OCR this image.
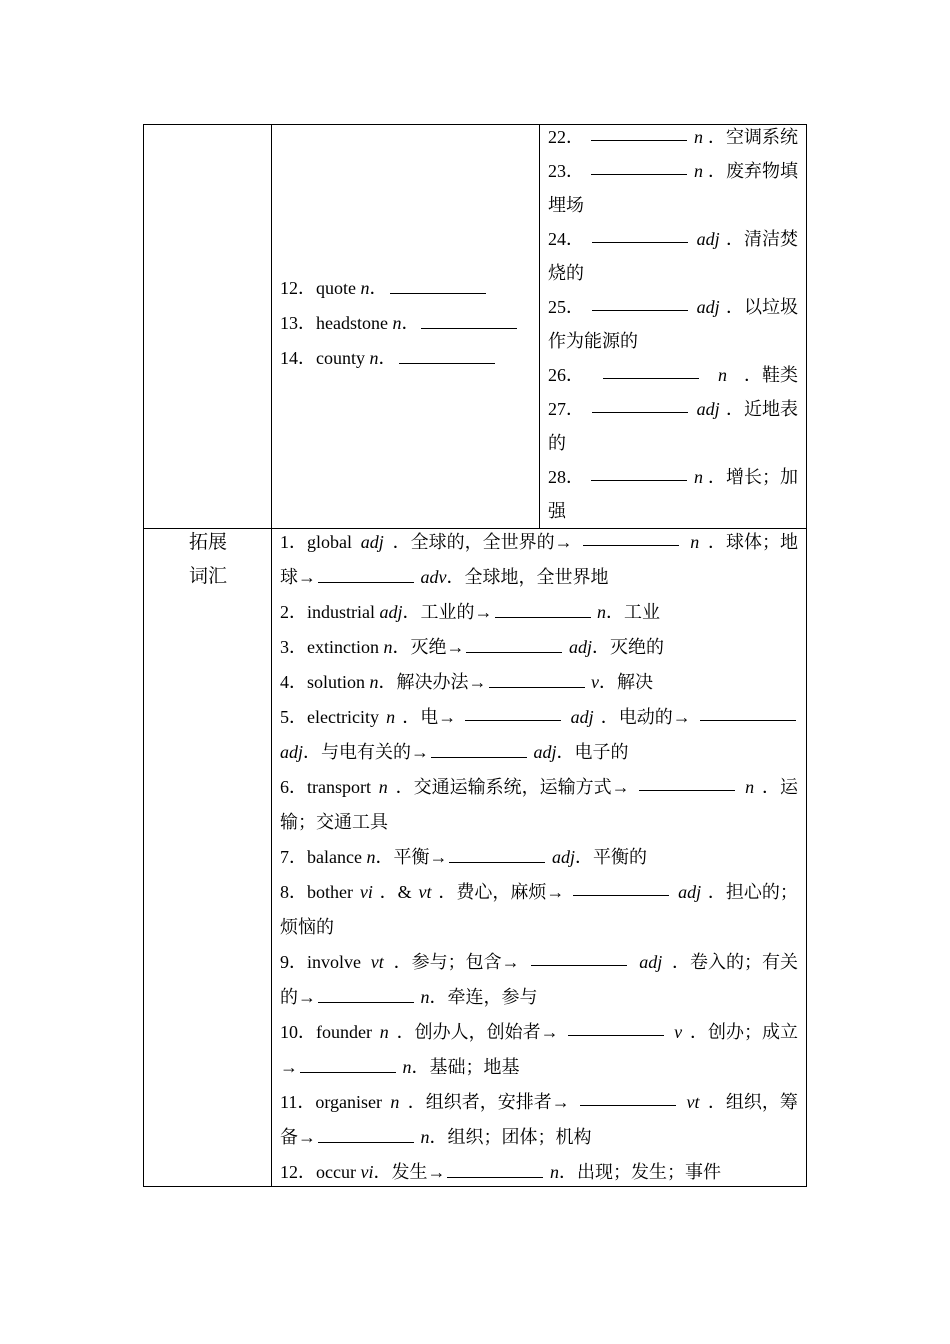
12．quote n．
13．headstone n．
14．county n．
22．	n ．空调系统
23．	n ．废弃物填
埋场
24．	adj ．清洁焚
烧的
25．	adj ．以垃圾
作为能源的
26．	n ．鞋类
27．	adj ．近地表
的
28．	n ．增长；加
强
拓展
词汇
1．global adj ．全球的，全世界的→	n ．球体；地
球→	adv．全球地，全世界地
2．industrial adj．工业的→	n．工业
3．extinction n．灭绝→	adj．灭绝的
4．solution n．解决办法→	v．解决
5．electricity n ．电→	adj ．电动的→
adj．与电有关的→	adj．电子的
6．transport n ．交通运输系统，运输方式→	n ．运
输；交通工具
7．balance n．平衡→	adj．平衡的
8．bother vi ．& vt ．费心，麻烦→	adj ．担心的；
烦恼的
9．involve vt ．参与；包含→	adj ．卷入的；有关
的→	n．牵连，参与
10．founder n ．创办人，创始者→	v ．创办；成立
→	n．基础；地基
11．organiser n ．组织者，安排者→	vt ．组织，筹
备→	n．组织；团体；机构
12．occur vi．发生→	n．出现；发生；事件
